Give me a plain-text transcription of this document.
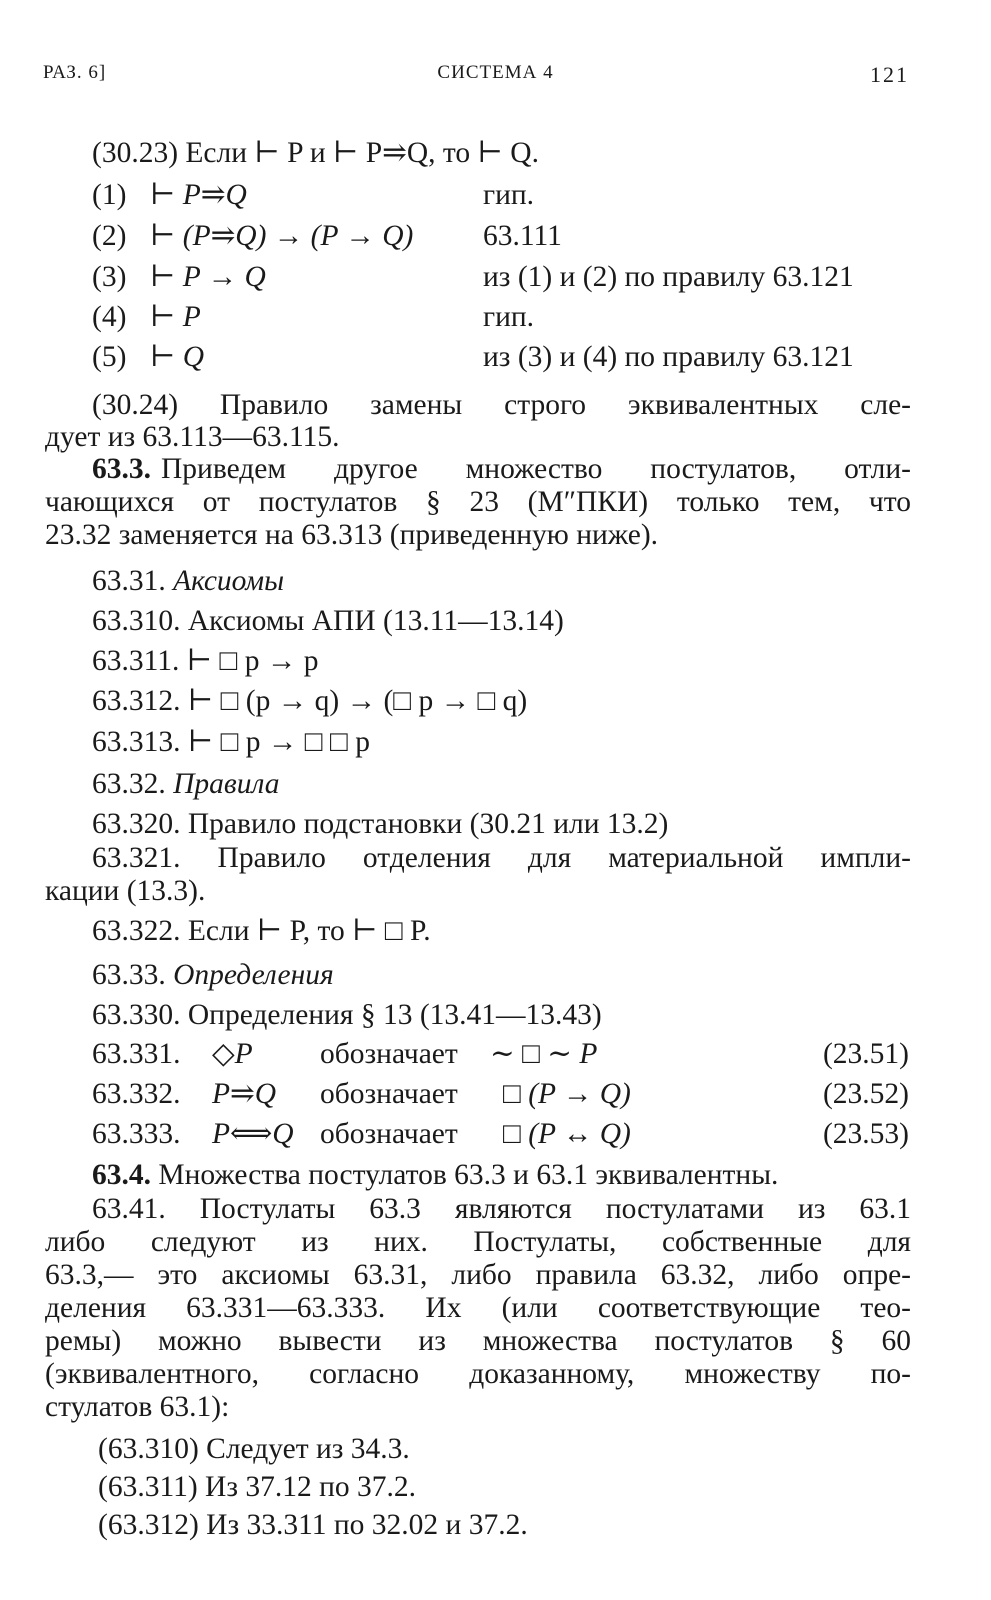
РАЗ. 6]	СИСТЕМА 4	121
(30.23) Если ⊢ P и ⊢ P⥤Q, то ⊢ Q.
(1) ⊢ P⥤Q	гип.
(2) ⊢ (P⥤Q) → (P → Q) 63.111
(3) ⊢ P → Q	из (1) и (2) по правилу 63.121
(4) ⊢ P	гип.
(5) ⊢ Q	из (3) и (4) по правилу 63.121
(30.24) Правило замены строго эквивалентных сле-
дует из 63.113—63.115.
63.3. Приведем другое множество постулатов, отли-
чающихся от постулатов § 23 (M″ПКИ) только тем, что
23.32 заменяется на 63.313 (приведенную ниже).
63.31. Аксиомы
63.310. Аксиомы АПИ (13.11—13.14)
63.311. ⊢ □ p → p
63.312. ⊢ □ (p → q) → (□ p → □ q)
63.313. ⊢ □ p → □ □ p
63.32. Правила
63.320. Правило подстановки (30.21 или 13.2)
63.321. Правило отделения для материальной импли-
кации (13.3).
63.322. Если ⊢ P, то ⊢ □ P.
63.33. Определения
63.330. Определения § 13 (13.41—13.43)
63.331. ◇P обозначает ∼ □ ∼ P	(23.51)
63.332. P⥤Q обозначает □ (P → Q)	(23.52)
63.333. P⟺Q обозначает □ (P ↔ Q)	(23.53)
63.4. Множества постулатов 63.3 и 63.1 эквивалентны.
63.41. Постулаты 63.3 являются постулатами из 63.1
либо следуют из них. Постулаты, собственные для
63.3,— это аксиомы 63.31, либо правила 63.32, либо опре-
деления 63.331—63.333. Их (или соответствующие тео-
ремы) можно вывести из множества постулатов § 60
(эквивалентного, согласно доказанному, множеству по-
стулатов 63.1):
(63.310) Следует из 34.3.
(63.311) Из 37.12 по 37.2.
(63.312) Из 33.311 по 32.02 и 37.2.
